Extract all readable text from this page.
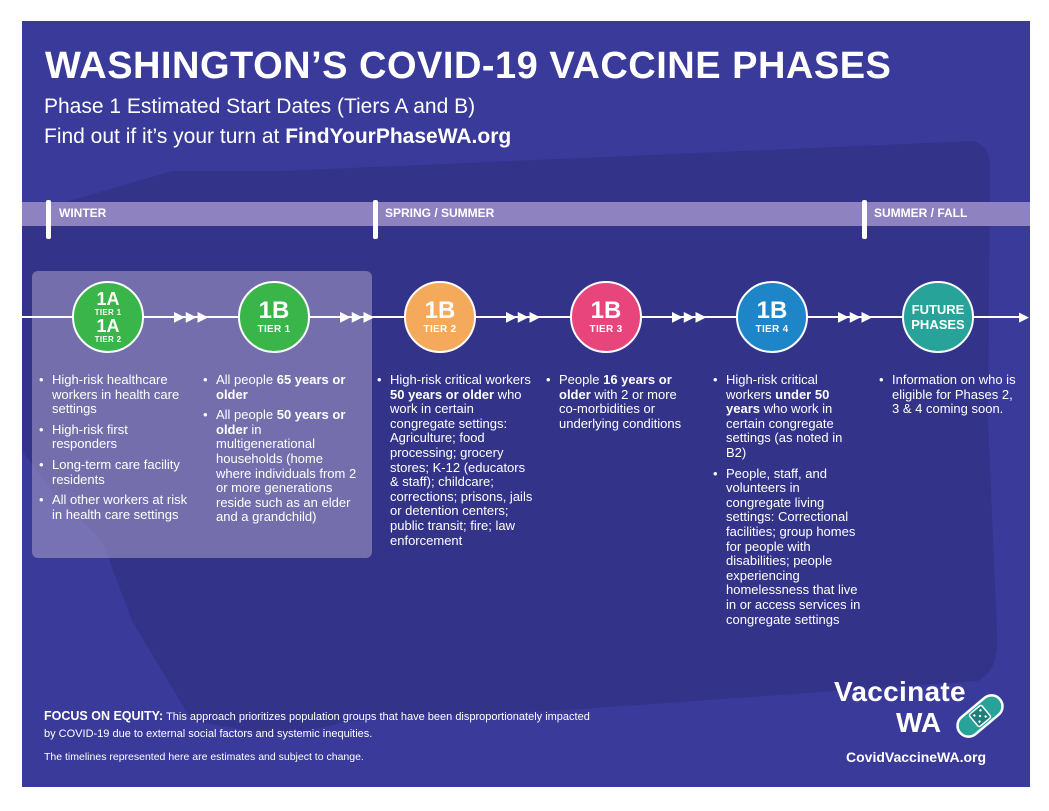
WASHINGTON’S COVID-19 VACCINE PHASES

Phase 1 Estimated Start Dates (Tiers A and B)

Find out if it’s your turn at FindYourPhaseWA.org

WINTER	SPRING / SUMMER	SUMMER / FALL
▶
▶▶▶	▶▶▶	▶▶▶	▶▶▶	▶▶▶
1A
TIER 1
1A
TIER 2
1B
TIER 1
1B
TIER 2
1B
TIER 3
1B
TIER 4
FUTURE PHASES
• High-risk healthcare workers in health care settings
• High-risk first responders
• Long-term care facility residents
• All other workers at risk in health care settings
• All people 65 years or older
• All people 50 years or older in multigenerational households (home where individuals from 2 or more generations reside such as an elder and a grandchild)
• High-risk critical workers 50 years or older who work in certain congregate settings: Agriculture; food processing; grocery stores; K-12 (educators & staff); childcare; corrections; prisons, jails or detention centers; public transit; fire; law enforcement
• People 16 years or older with 2 or more co-morbidities or underlying conditions
• High-risk critical workers under 50 years who work in certain congregate settings (as noted in B2)
• People, staff, and volunteers in congregate living settings: Correctional facilities; group homes for people with disabilities; people experiencing homelessness that live in or access services in congregate settings
• Information on who is eligible for Phases 2, 3 & 4 coming soon.

FOCUS ON EQUITY: This approach prioritizes population groups that have been disproportionately impacted by COVID-19 due to external social factors and systemic inequities.

The timelines represented here are estimates and subject to change.

Vaccinate
WA

CovidVaccineWA.org
